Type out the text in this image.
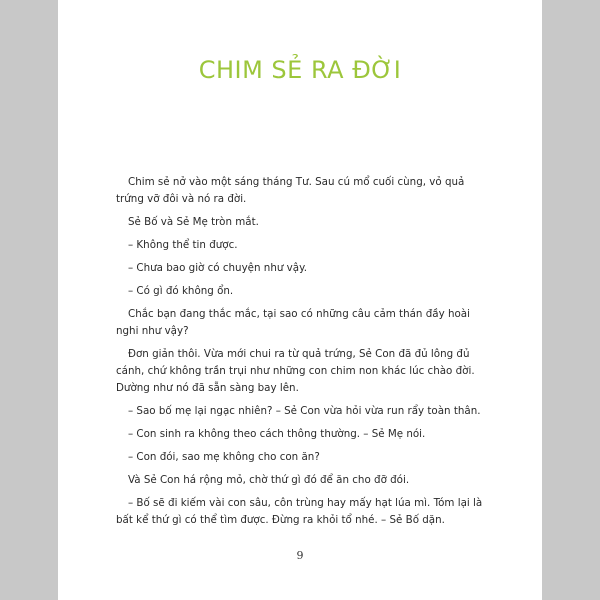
CHIM SẺ RA ĐỜI

Chim sẻ nở vào một sáng tháng Tư. Sau cú mổ cuối cùng, vỏ quả trứng vỡ đôi và nó ra đời.

Sẻ Bố và Sẻ Mẹ tròn mắt.

– Không thể tin được.

– Chưa bao giờ có chuyện như vậy.

– Có gì đó không ổn.

Chắc bạn đang thắc mắc, tại sao có những câu cảm thán đầy hoài nghi như vậy?

Đơn giản thôi. Vừa mới chui ra từ quả trứng, Sẻ Con đã đủ lông đủ cánh, chứ không trần trụi như những con chim non khác lúc chào đời. Dường như nó đã sẵn sàng bay lên.

– Sao bố mẹ lại ngạc nhiên? – Sẻ Con vừa hỏi vừa run rẩy toàn thân.

– Con sinh ra không theo cách thông thường. – Sẻ Mẹ nói.

– Con đói, sao mẹ không cho con ăn?

Và Sẻ Con há rộng mỏ, chờ thứ gì đó để ăn cho đỡ đói.

– Bố sẽ đi kiếm vài con sâu, côn trùng hay mấy hạt lúa mì. Tóm lại là bất kể thứ gì có thể tìm được. Đừng ra khỏi tổ nhé. – Sẻ Bố dặn.

9
